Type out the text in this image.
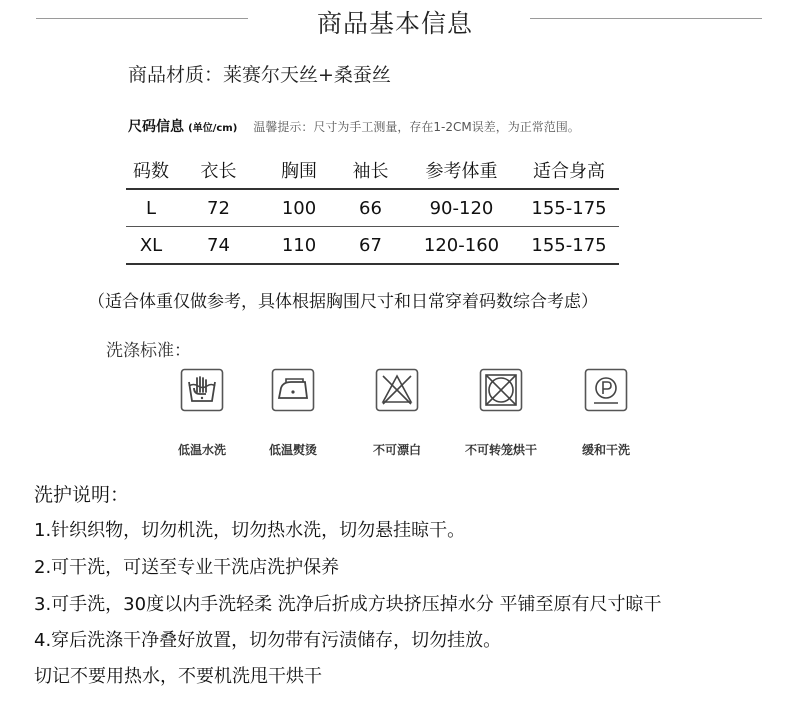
商品基本信息
商品材质：莱赛尔天丝+桑蚕丝
尺码信息 (单位/cm) 温馨提示：尺寸为手工测量，存在1-2CM误差，为正常范围。
码数	衣长	胸围	袖长	参考体重	适合身高
L	72	100	66	90-120	155-175
XL	74	110	67	120-160	155-175
（适合体重仅做参考，具体根据胸围尺寸和日常穿着码数综合考虑）
洗涤标准：
低温水洗	低温熨烫	不可漂白	不可转笼烘干	缓和干洗
洗护说明：
1.针织织物，切勿机洗，切勿热水洗，切勿悬挂晾干。
2.可干洗，可送至专业干洗店洗护保养
3.可手洗，30度以内手洗轻柔 洗净后折成方块挤压掉水分 平铺至原有尺寸晾干
4.穿后洗涤干净叠好放置，切勿带有污渍储存，切勿挂放。
切记不要用热水，不要机洗甩干烘干
